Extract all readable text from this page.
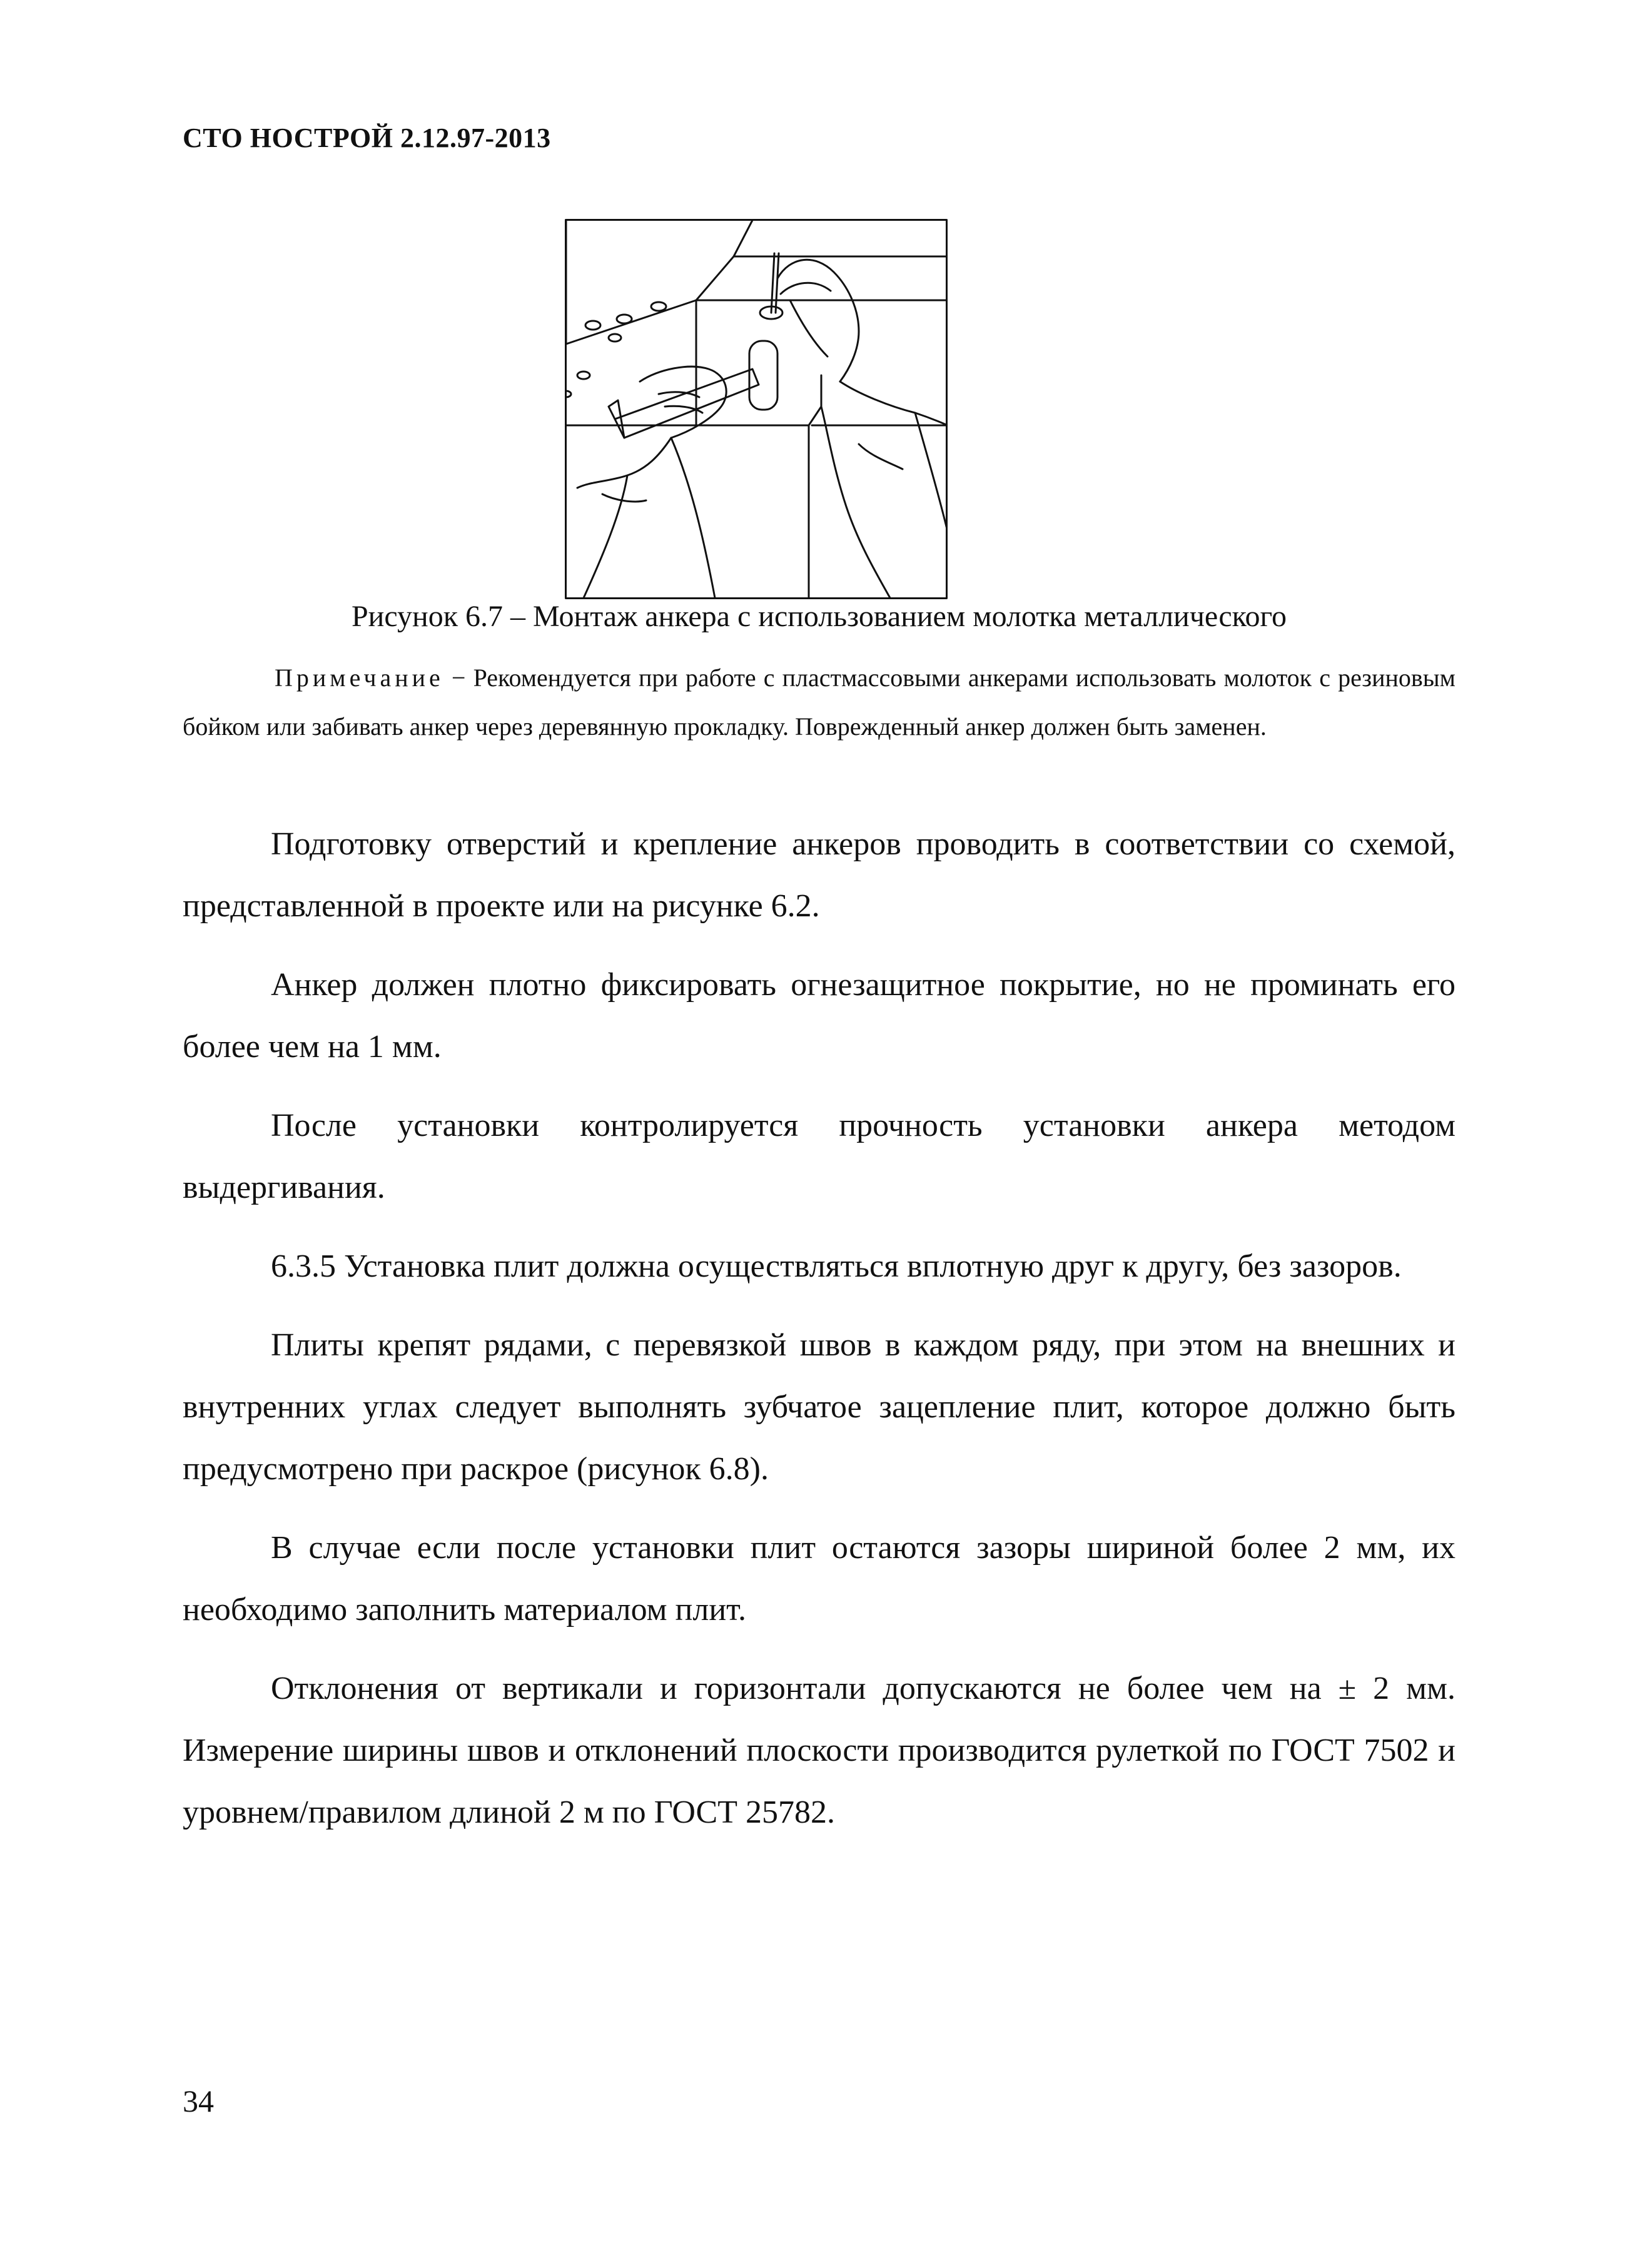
СТО НОСТРОЙ 2.12.97-2013
Рисунок 6.7 – Монтаж анкера с использованием молотка металлического
Примечание − Рекомендуется при работе с пластмассовыми анкерами использовать молоток с резиновым бойком или забивать анкер через деревянную прокладку. Поврежденный анкер должен быть заменен.

Подготовку отверстий и крепление анкеров проводить в соответствии со схемой, представленной в проекте или на рисунке 6.2.

Анкер должен плотно фиксировать огнезащитное покрытие, но не проминать его более чем на 1 мм.

После установки контролируется прочность установки анкера методом выдергивания.

6.3.5 Установка плит должна осуществляться вплотную друг к другу, без зазоров.

Плиты крепят рядами, с перевязкой швов в каждом ряду, при этом на внешних и внутренних углах следует выполнять зубчатое зацепление плит, которое должно быть предусмотрено при раскрое (рисунок 6.8).

В случае если после установки плит остаются зазоры шириной более 2 мм, их необходимо заполнить материалом плит.

Отклонения от вертикали и горизонтали допускаются не более чем на ± 2 мм. Измерение ширины швов и отклонений плоскости производится рулеткой по ГОСТ 7502 и уровнем/правилом длиной 2 м по ГОСТ 25782.

34
